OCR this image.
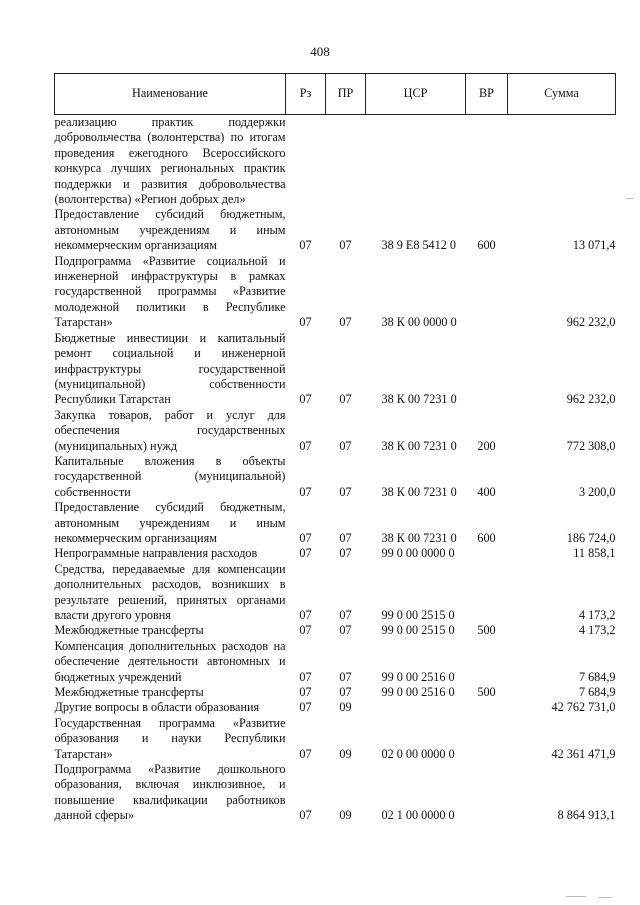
408
Наименование	Рз	ПР	ЦСР	ВР	Сумма
реализацию практик поддержки добровольчества (волонтерства) по итогам проведения ежегодного Всероссийского конкурса лучших региональных практик поддержки и развития добровольчества (волонтерства) «Регион добрых дел»					
Предоставление субсидий бюджетным, автономным учреждениям и иным некоммерческим организациям	07	07	38 9 Е8 5412 0	600	13 071,4
Подпрограмма «Развитие социальной и инженерной инфраструктуры в рамках государственной программы «Развитие молодежной политики в Республике Татарстан»	07	07	38 К 00 0000 0		962 232,0
Бюджетные инвестиции и капитальный ремонт социальной и инженерной инфраструктуры государственной (муниципальной) собственности Республики Татарстан	07	07	38 К 00 7231 0		962 232,0
Закупка товаров, работ и услуг для обеспечения государственных (муниципальных) нужд	07	07	38 К 00 7231 0	200	772 308,0
Капитальные вложения в объекты государственной (муниципальной) собственности	07	07	38 К 00 7231 0	400	3 200,0
Предоставление субсидий бюджетным, автономным учреждениям и иным некоммерческим организациям	07	07	38 К 00 7231 0	600	186 724,0
Непрограммные направления расходов	07	07	99 0 00 0000 0		11 858,1
Средства, передаваемые для компенсации дополнительных расходов, возникших в результате решений, принятых органами власти другого уровня	07	07	99 0 00 2515 0		4 173,2
Межбюджетные трансферты	07	07	99 0 00 2515 0	500	4 173,2
Компенсация дополнительных расходов на обеспечение деятельности автономных и бюджетных учреждений	07	07	99 0 00 2516 0		7 684,9
Межбюджетные трансферты	07	07	99 0 00 2516 0	500	7 684,9
Другие вопросы в области образования	07	09			42 762 731,0
Государственная программа «Развитие образования и науки Республики Татарстан»	07	09	02 0 00 0000 0		42 361 471,9
Подпрограмма «Развитие дошкольного образования, включая инклюзивное, и повышение квалификации работников данной сферы»	07	09	02 1 00 0000 0		8 864 913,1
